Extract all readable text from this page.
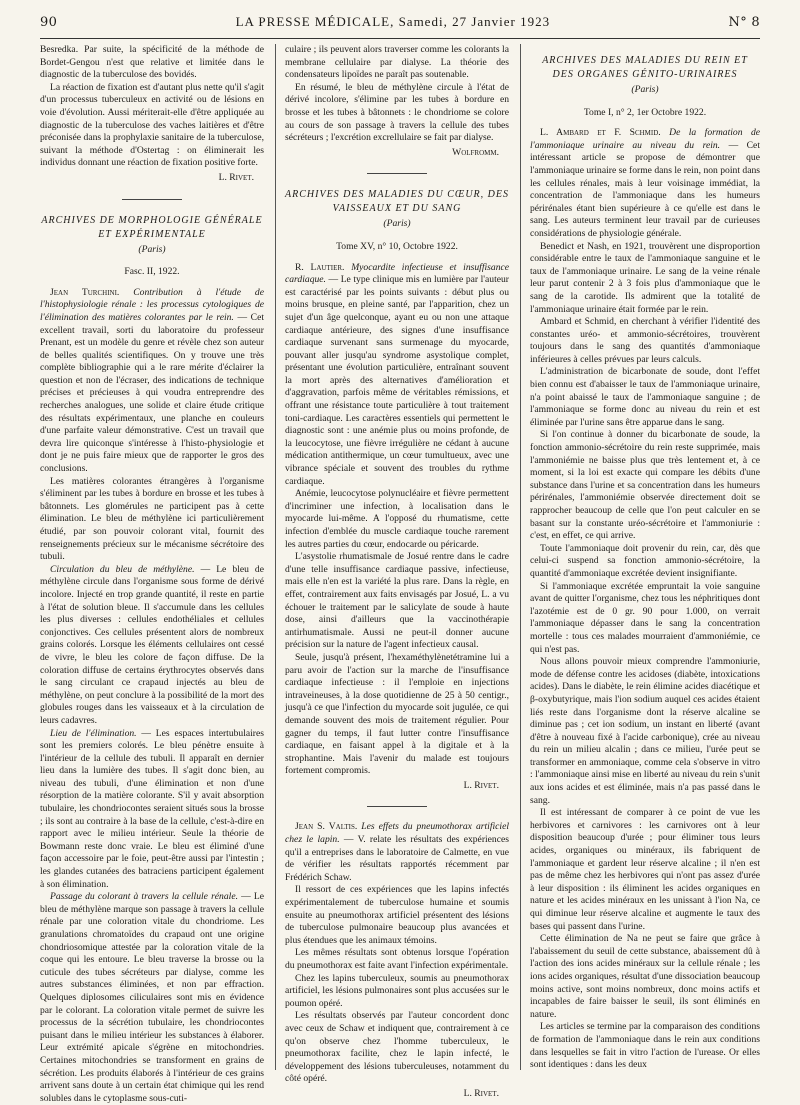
90	LA PRESSE MÉDICALE, Samedi, 27 Janvier 1923	N° 8

Besredka. Par suite, la spécificité de la méthode de Bordet-Gengou n'est que relative et limitée dans le diagnostic de la tuberculose des bovidés.

La réaction de fixation est d'autant plus nette qu'il s'agit d'un processus tuberculeux en activité ou de lésions en voie d'évolution. Aussi mériterait-elle d'être appliquée au diagnostic de la tuberculose des vaches laitières et d'être préconisée dans la prophylaxie sanitaire de la tuberculose, suivant la méthode d'Ostertag : on éliminerait les individus donnant une réaction de fixation positive forte.

L. Rivet.
ARCHIVES DE MORPHOLOGIE GÉNÉRALE ET EXPÉRIMENTALE
(Paris)
Fasc. II, 1922.

Jean Turchini. Contribution à l'étude de l'histophysiologie rénale : les processus cytologiques de l'élimination des matières colorantes par le rein. — Cet excellent travail, sorti du laboratoire du professeur Prenant, est un modèle du genre et révèle chez son auteur de belles qualités scientifiques. On y trouve une très complète bibliographie qui a le rare mérite d'éclairer la question et non de l'écraser, des indications de technique précises et précieuses à qui voudra entreprendre des recherches analogues, une solide et claire étude critique des résultats expérimentaux, une planche en couleurs d'une parfaite valeur démonstrative. C'est un travail que devra lire quiconque s'intéresse à l'histo-physiologie et dont je ne puis faire mieux que de rapporter le gros des conclusions.

Les matières colorantes étrangères à l'organisme s'éliminent par les tubes à bordure en brosse et les tubes à bâtonnets. Les glomérules ne participent pas à cette élimination. Le bleu de méthylène ici particulièrement étudié, par son pouvoir colorant vital, fournit des renseignements précieux sur le mécanisme sécrétoire des tubuli.

Circulation du bleu de méthylène. — Le bleu de méthylène circule dans l'organisme sous forme de dérivé incolore. Injecté en trop grande quantité, il reste en partie à l'état de solution bleue. Il s'accumule dans les cellules les plus diverses : cellules endothéliales et cellules conjonctives. Ces cellules présentent alors de nombreux grains colorés. Lorsque les éléments cellulaires ont cessé de vivre, le bleu les colore de façon diffuse. De la coloration diffuse de certains érythrocytes observés dans le sang circulant ce crapaud injectés au bleu de méthylène, on peut conclure à la possibilité de la mort des globules rouges dans les vaisseaux et à la circulation de leurs cadavres.

Lieu de l'élimination. — Les espaces intertubulaires sont les premiers colorés. Le bleu pénètre ensuite à l'intérieur de la cellule des tubuli. Il apparaît en dernier lieu dans la lumière des tubes. Il s'agit donc bien, au niveau des tubuli, d'une élimination et non d'une résorption de la matière colorante. S'il y avait absorption tubulaire, les chondriocontes seraient situés sous la brosse ; ils sont au contraire à la base de la cellule, c'est-à-dire en rapport avec le milieu intérieur. Seule la théorie de Bowmann reste donc vraie. Le bleu est éliminé d'une façon accessoire par le foie, peut-être aussi par l'intestin ; les glandes cutanées des batraciens participent également à son élimination.

Passage du colorant à travers la cellule rénale. — Le bleu de méthylène marque son passage à travers la cellule rénale par une coloration vitale du chondriome. Les granulations chromatoïdes du crapaud ont une origine chondriosomique attestée par la coloration vitale de la coque qui les entoure. Le bleu traverse la brosse ou la cuticule des tubes sécréteurs par dialyse, comme les autres substances éliminées, et non par effraction. Quelques diplosomes ciliculaires sont mis en évidence par le colorant. La coloration vitale permet de suivre les processus de la sécrétion tubulaire, les chondriocontes puisant dans le milieu intérieur les substances à élaborer. Leur extrémité apicale s'égrène en mitochondries. Certaines mitochondries se transforment en grains de sécrétion. Les produits élaborés à l'intérieur de ces grains arrivent sans doute à un certain état chimique qui les rend solubles dans le cytoplasme sous-cuti-

culaire ; ils peuvent alors traverser comme les colorants la membrane cellulaire par dialyse. La théorie des condensateurs lipoïdes ne paraît pas soutenable.

En résumé, le bleu de méthylène circule à l'état de dérivé incolore, s'élimine par les tubes à bordure en brosse et les tubes à bâtonnets : le chondriome se colore au cours de son passage à travers la cellule des tubes sécréteurs ; l'excrétion excrellulaire se fait par dialyse.

Wolfromm.
ARCHIVES DES MALADIES DU CŒUR, DES VAISSEAUX ET DU SANG
(Paris)
Tome XV, n° 10, Octobre 1922.

R. Lautier. Myocardite infectieuse et insuffisance cardiaque. — Le type clinique mis en lumière par l'auteur est caractérisé par les points suivants : début plus ou moins brusque, en pleine santé, par l'apparition, chez un sujet d'un âge quelconque, ayant eu ou non une attaque cardiaque antérieure, des signes d'une insuffisance cardiaque survenant sans surmenage du myocarde, pouvant aller jusqu'au syndrome asystolique complet, présentant une évolution particulière, entraînant souvent la mort après des alternatives d'amélioration et d'aggravation, parfois même de véritables rémissions, et offrant une résistance toute particulière à tout traitement toni-cardiaque. Les caractères essentiels qui permettent le diagnostic sont : une anémie plus ou moins profonde, de la leucocytose, une fièvre irrégulière ne cédant à aucune médication antithermique, un cœur tumultueux, avec une vibrance spéciale et souvent des troubles du rythme cardiaque.

Anémie, leucocytose polynucléaire et fièvre permettent d'incriminer une infection, à localisation dans le myocarde lui-même. A l'opposé du rhumatisme, cette infection d'emblée du muscle cardiaque touche rarement les autres parties du cœur, endocarde ou péricarde.

L'asystolie rhumatismale de Josué rentre dans le cadre d'une telle insuffisance cardiaque passive, infectieuse, mais elle n'en est la variété la plus rare. Dans la règle, en effet, contrairement aux faits envisagés par Josué, L. a vu échouer le traitement par le salicylate de soude à haute dose, ainsi d'ailleurs que la vaccinothérapie antirhumatismale. Aussi ne peut-il donner aucune précision sur la nature de l'agent infectieux causal.

Seule, jusqu'à présent, l'hexaméthylènetétramine lui a paru avoir de l'action sur la marche de l'insuffisance cardiaque infectieuse : il l'emploie en injections intraveineuses, à la dose quotidienne de 25 à 50 centigr., jusqu'à ce que l'infection du myocarde soit jugulée, ce qui demande souvent des mois de traitement régulier. Pour gagner du temps, il faut lutter contre l'insuffisance cardiaque, en faisant appel à la digitale et à la strophantine. Mais l'avenir du malade est toujours fortement compromis.

L. Rivet.

Jean S. Valtis. Les effets du pneumothorax artificiel chez le lapin. — V. relate les résultats des expériences qu'il a entreprises dans le laboratoire de Calmette, en vue de vérifier les résultats rapportés récemment par Frédérich Schaw.

Il ressort de ces expériences que les lapins infectés expérimentalement de tuberculose humaine et soumis ensuite au pneumothorax artificiel présentent des lésions de tuberculose pulmonaire beaucoup plus avancées et plus étendues que les animaux témoins.

Les mêmes résultats sont obtenus lorsque l'opération du pneumothorax est faite avant l'infection expérimentale.

Chez les lapins tuberculeux, soumis au pneumothorax artificiel, les lésions pulmonaires sont plus accusées sur le poumon opéré.

Les résultats observés par l'auteur concordent donc avec ceux de Schaw et indiquent que, contrairement à ce qu'on observe chez l'homme tuberculeux, le pneumothorax facilite, chez le lapin infecté, le développement des lésions tuberculeuses, notamment du côté opéré.

L. Rivet.
ARCHIVES DES MALADIES DU REIN ET DES ORGANES GÉNITO-URINAIRES
(Paris)
Tome I, n° 2, 1er Octobre 1922.

L. Ambard et F. Schmid. De la formation de l'ammoniaque urinaire au niveau du rein. — Cet intéressant article se propose de démontrer que l'ammoniaque urinaire se forme dans le rein, non point dans les cellules rénales, mais à leur voisinage immédiat, la concentration de l'ammoniaque dans les humeurs périrénales étant bien supérieure à ce qu'elle est dans le sang. Les auteurs terminent leur travail par de curieuses considérations de physiologie générale.

Benedict et Nash, en 1921, trouvèrent une disproportion considérable entre le taux de l'ammoniaque sanguine et le taux de l'ammoniaque urinaire. Le sang de la veine rénale leur parut contenir 2 à 3 fois plus d'ammoniaque que le sang de la carotide. Ils admirent que la totalité de l'ammoniaque urinaire était formée par le rein.

Ambard et Schmid, en cherchant à vérifier l'identité des constantes uréo- et ammonio-sécrétoires, trouvèrent toujours dans le sang des quantités d'ammoniaque inférieures à celles prévues par leurs calculs.

L'administration de bicarbonate de soude, dont l'effet bien connu est d'abaisser le taux de l'ammoniaque urinaire, n'a point abaissé le taux de l'ammoniaque sanguine ; de l'ammoniaque se forme donc au niveau du rein et est éliminée par l'urine sans être apparue dans le sang.

Si l'on continue à donner du bicarbonate de soude, la fonction ammonio-sécrétoire du rein reste supprimée, mais l'ammoniémie ne baisse plus que très lentement et, à ce moment, si la loi est exacte qui compare les débits d'une substance dans l'urine et sa concentration dans les humeurs périrénales, l'ammoniémie observée directement doit se rapprocher beaucoup de celle que l'on peut calculer en se basant sur la constante uréo-sécrétoire et l'ammoniurie : c'est, en effet, ce qui arrive.

Toute l'ammoniaque doit provenir du rein, car, dès que celui-ci suspend sa fonction ammonio-sécrétoire, la quantité d'ammoniaque excrétée devient insignifiante.

Si l'ammoniaque excrétée empruntait la voie sanguine avant de quitter l'organisme, chez tous les néphritiques dont l'azotémie est de 0 gr. 90 pour 1.000, on verrait l'ammoniaque dépasser dans le sang la concentration mortelle : tous ces malades mourraient d'ammoniémie, ce qui n'est pas.

Nous allons pouvoir mieux comprendre l'ammoniurie, mode de défense contre les acidoses (diabète, intoxications acides). Dans le diabète, le rein élimine acides diacétique et β-oxybutyrique, mais l'ion sodium auquel ces acides étaient liés reste dans l'organisme dont la réserve alcaline se diminue pas ; cet ion sodium, un instant en liberté (avant d'être à nouveau fixé à l'acide carbonique), crée au niveau du rein un milieu alcalin ; dans ce milieu, l'urée peut se transformer en ammoniaque, comme cela s'observe in vitro : l'ammoniaque ainsi mise en liberté au niveau du rein s'unit aux ions acides et est éliminée, mais n'a pas passé dans le sang.

Il est intéressant de comparer à ce point de vue les herbivores et carnivores : les carnivores ont à leur disposition beaucoup d'urée ; pour éliminer tous leurs acides, organiques ou minéraux, ils fabriquent de l'ammoniaque et gardent leur réserve alcaline ; il n'en est pas de même chez les herbivores qui n'ont pas assez d'urée à leur disposition : ils éliminent les acides organiques en nature et les acides minéraux en les unissant à l'ion Na, ce qui diminue leur réserve alcaline et augmente le taux des bases qui passent dans l'urine.

Cette élimination de Na ne peut se faire que grâce à l'abaissement du seuil de cette substance, abaissement dû à l'action des ions acides minéraux sur la cellule rénale ; les ions acides organiques, résultat d'une dissociation beaucoup moins active, sont moins nombreux, donc moins actifs et incapables de faire baisser le seuil, ils sont éliminés en nature.

Les articles se termine par la comparaison des conditions de formation de l'ammoniaque dans le rein aux conditions dans lesquelles se fait in vitro l'action de l'urease. Or elles sont identiques : dans les deux
